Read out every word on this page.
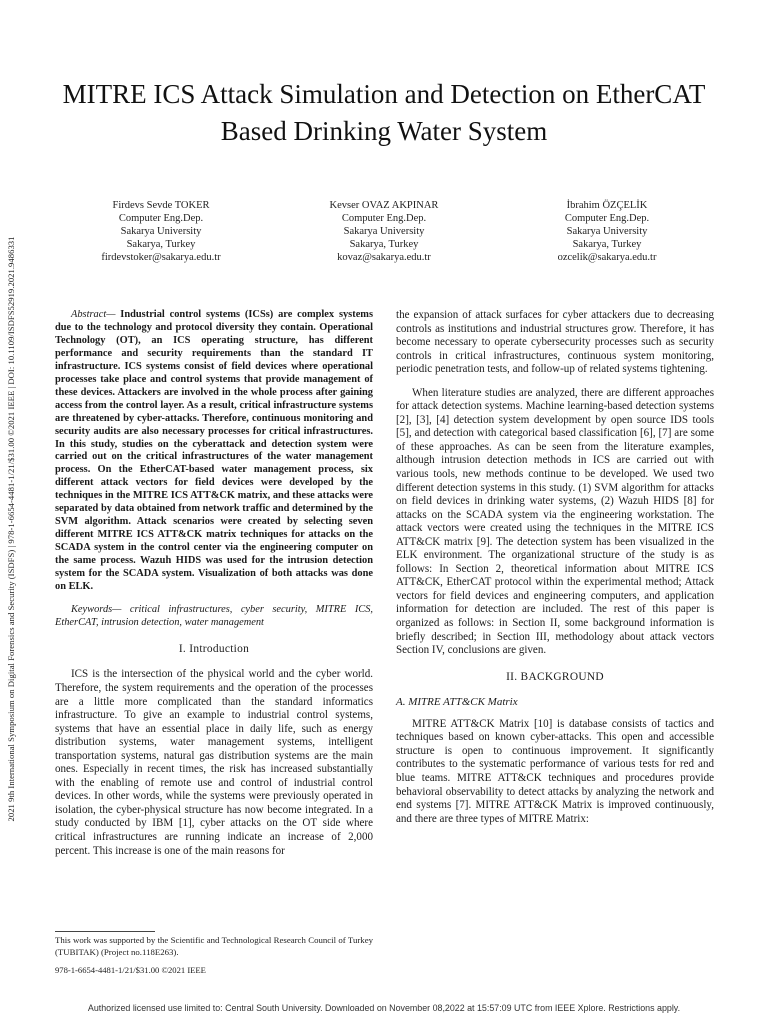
2021 9th International Symposium on Digital Forensics and Security (ISDFS) | 978-1-6654-4481-1/21/$31.00 ©2021 IEEE | DOI: 10.1109/ISDFS52919.2021.9486331
MITRE ICS Attack Simulation and Detection on EtherCAT Based Drinking Water System
Firdevs Sevde TOKER
Computer Eng.Dep.
Sakarya University
Sakarya, Turkey
firdevstoker@sakarya.edu.tr
Kevser OVAZ AKPINAR
Computer Eng.Dep.
Sakarya University
Sakarya, Turkey
kovaz@sakarya.edu.tr
İbrahim ÖZÇELİK
Computer Eng.Dep.
Sakarya University
Sakarya, Turkey
ozcelik@sakarya.edu.tr

Abstract— Industrial control systems (ICSs) are complex systems due to the technology and protocol diversity they contain. Operational Technology (OT), an ICS operating structure, has different performance and security requirements than the standard IT infrastructure. ICS systems consist of field devices where operational processes take place and control systems that provide management of these devices. Attackers are involved in the whole process after gaining access from the control layer. As a result, critical infrastructure systems are threatened by cyber-attacks. Therefore, continuous monitoring and security audits are also necessary processes for critical infrastructures. In this study, studies on the cyberattack and detection system were carried out on the critical infrastructures of the water management process. On the EtherCAT-based water management process, six different attack vectors for field devices were developed by the techniques in the MITRE ICS ATT&CK matrix, and these attacks were separated by data obtained from network traffic and determined by the SVM algorithm. Attack scenarios were created by selecting seven different MITRE ICS ATT&CK matrix techniques for attacks on the SCADA system in the control center via the engineering computer on the same process. Wazuh HIDS was used for the intrusion detection system for the SCADA system. Visualization of both attacks was done on ELK.

Keywords— critical infrastructures, cyber security, MITRE ICS, EtherCAT, intrusion detection, water management

I. Introduction

ICS is the intersection of the physical world and the cyber world. Therefore, the system requirements and the operation of the processes are a little more complicated than the standard informatics infrastructure. To give an example to industrial control systems, systems that have an essential place in daily life, such as energy distribution systems, water management systems, intelligent transportation systems, natural gas distribution systems are the main ones. Especially in recent times, the risk has increased substantially with the enabling of remote use and control of industrial control devices. In other words, while the systems were previously operated in isolation, the cyber-physical structure has now become integrated. In a study conducted by IBM [1], cyber attacks on the OT side where critical infrastructures are running indicate an increase of 2,000 percent. This increase is one of the main reasons for

the expansion of attack surfaces for cyber attackers due to decreasing controls as institutions and industrial structures grow. Therefore, it has become necessary to operate cybersecurity processes such as security controls in critical infrastructures, continuous system monitoring, periodic penetration tests, and follow-up of related systems tightening.

When literature studies are analyzed, there are different approaches for attack detection systems. Machine learning-based detection systems [2], [3], [4] detection system development by open source IDS tools [5], and detection with categorical based classification [6], [7] are some of these approaches. As can be seen from the literature examples, although intrusion detection methods in ICS are carried out with various tools, new methods continue to be developed. We used two different detection systems in this study. (1) SVM algorithm for attacks on field devices in drinking water systems, (2) Wazuh HIDS [8] for attacks on the SCADA system via the engineering workstation. The attack vectors were created using the techniques in the MITRE ICS ATT&CK matrix [9]. The detection system has been visualized in the ELK environment. The organizational structure of the study is as follows: In Section 2, theoretical information about MITRE ICS ATT&CK, EtherCAT protocol within the experimental method; Attack vectors for field devices and engineering computers, and application information for detection are included. The rest of this paper is organized as follows: in Section II, some background information is briefly described; in Section III, methodology about attack vectors Section IV, conclusions are given.

II. BACKGROUND

A. MITRE ATT&CK Matrix

MITRE ATT&CK Matrix [10] is database consists of tactics and techniques based on known cyber-attacks. This open and accessible structure is open to continuous improvement. It significantly contributes to the systematic performance of various tests for red and blue teams. MITRE ATT&CK techniques and procedures provide behavioral observability to detect attacks by analyzing the network and end systems [7]. MITRE ATT&CK Matrix is improved continuously, and there are three types of MITRE Matrix:

This work was supported by the Scientific and Technological Research Council of Turkey (TUBITAK) (Project no.118E263).
978-1-6654-4481-1/21/$31.00 ©2021 IEEE
Authorized licensed use limited to: Central South University. Downloaded on November 08,2022 at 15:57:09 UTC from IEEE Xplore. Restrictions apply.
